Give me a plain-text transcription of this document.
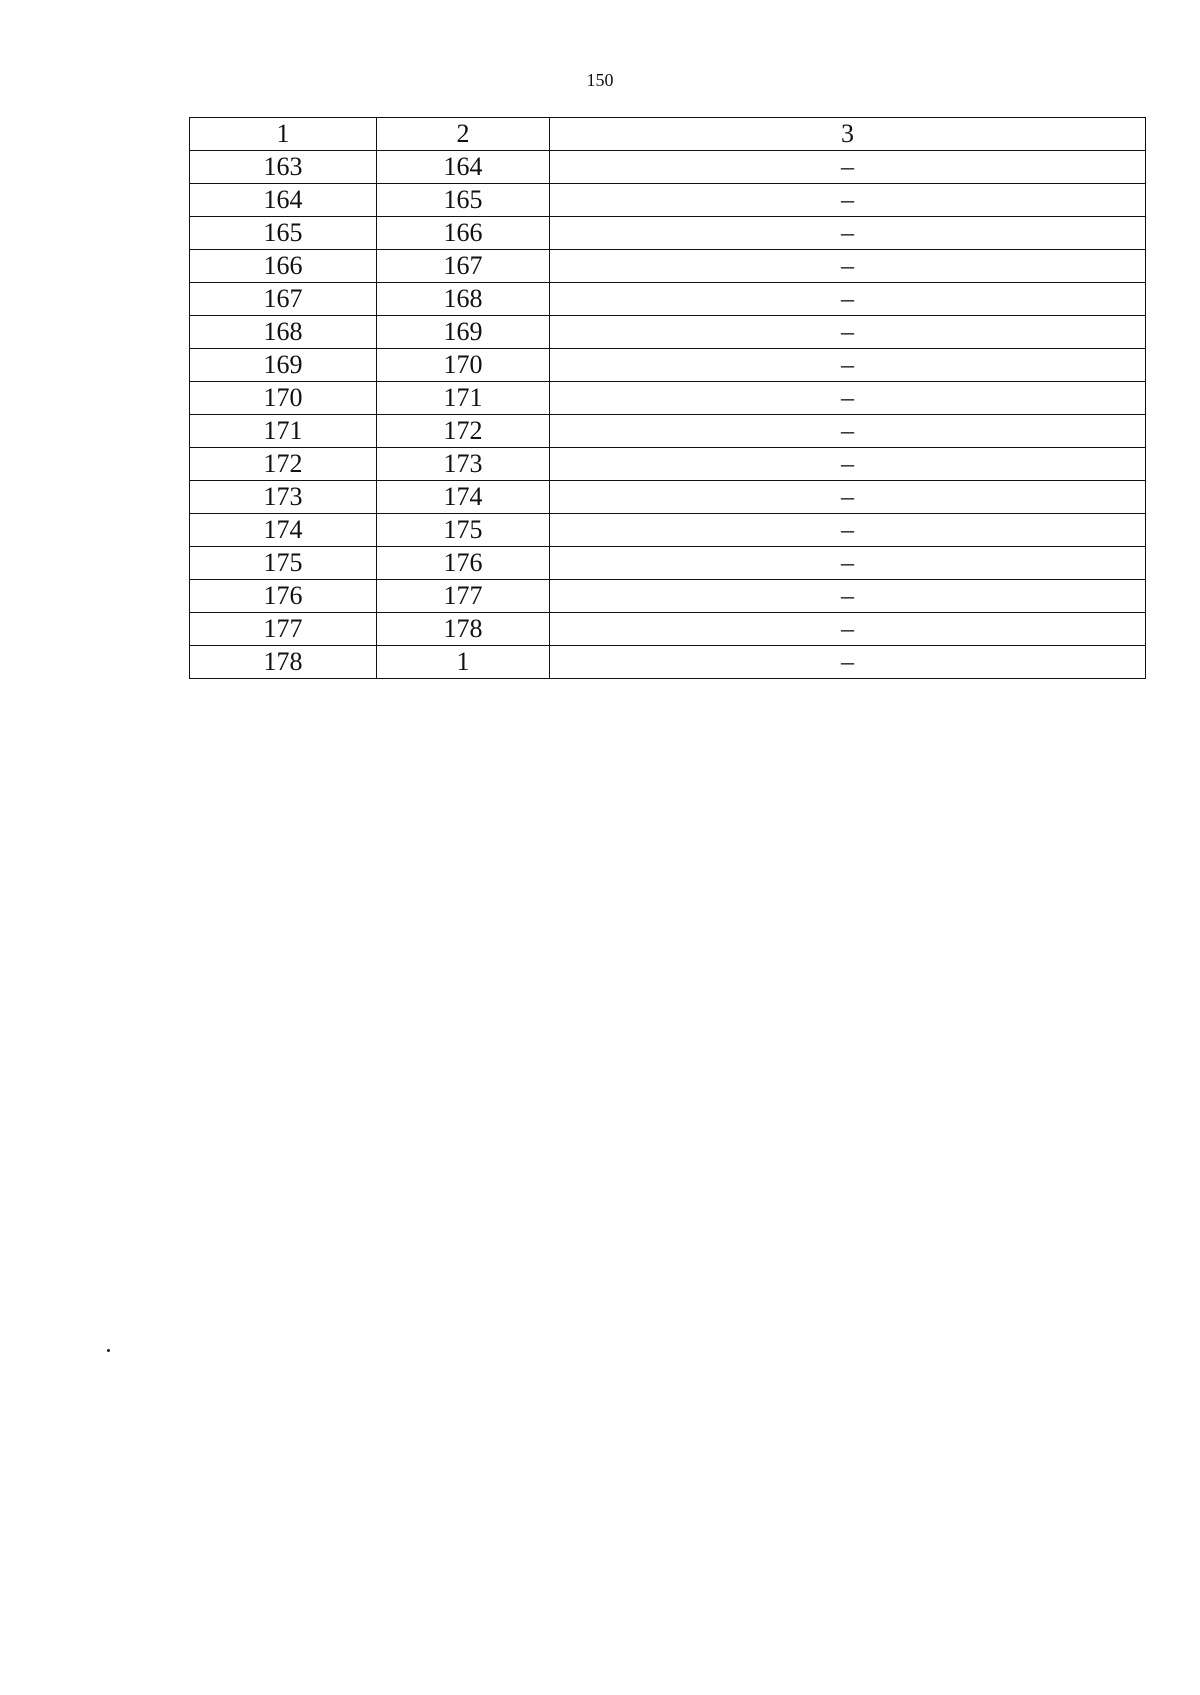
150
1	2	3
163	164	–
164	165	–
165	166	–
166	167	–
167	168	–
168	169	–
169	170	–
170	171	–
171	172	–
172	173	–
173	174	–
174	175	–
175	176	–
176	177	–
177	178	–
178	1	–
